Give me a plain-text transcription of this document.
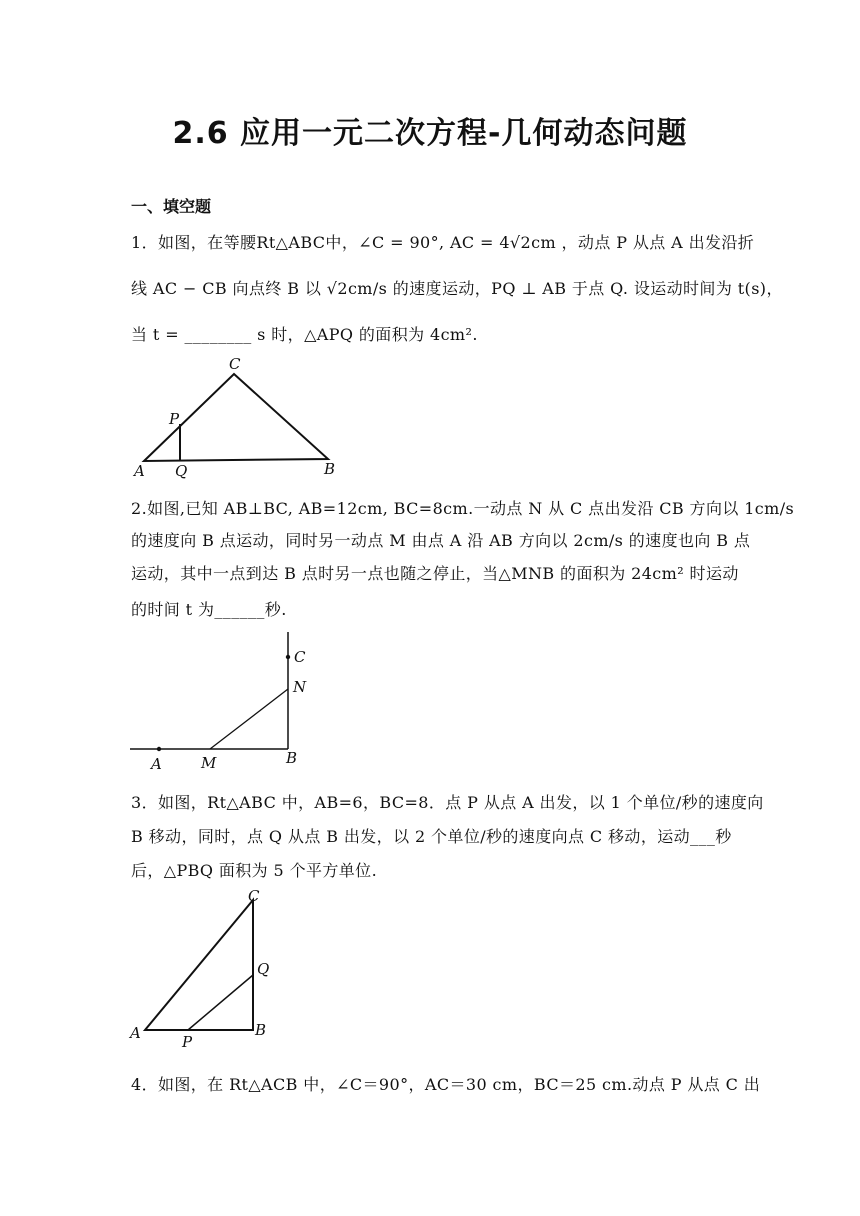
2.6 应用一元二次方程-几何动态问题
一、填空题
1．如图，在等腰Rt△ABC中，∠C = 90°, AC = 4√2cm ，动点 P 从点 A 出发沿折
线 AC − CB 向点终 B 以 √2cm/s 的速度运动，PQ ⊥ AB 于点 Q. 设运动时间为 t(s)，
当 t = ________ s 时，△APQ 的面积为 4cm².
C
P
A Q	B
2.如图,已知 AB⊥BC, AB=12cm, BC=8cm.一动点 N 从 C 点出发沿 CB 方向以 1cm/s
的速度向 B 点运动，同时另一动点 M 由点 A 沿 AB 方向以 2cm/s 的速度也向 B 点
运动，其中一点到达 B 点时另一点也随之停止，当△MNB 的面积为 24cm² 时运动
的时间 t 为______秒.
C
N
A	M	B
3．如图，Rt△ABC 中，AB=6，BC=8．点 P 从点 A 出发，以 1 个单位/秒的速度向
B 移动，同时，点 Q 从点 B 出发，以 2 个单位/秒的速度向点 C 移动，运动___秒
后，△PBQ 面积为 5 个平方单位.
C
Q
A	P
B
4．如图，在 Rt△ACB 中，∠C＝90°，AC＝30 cm，BC＝25 cm.动点 P 从点 C 出
